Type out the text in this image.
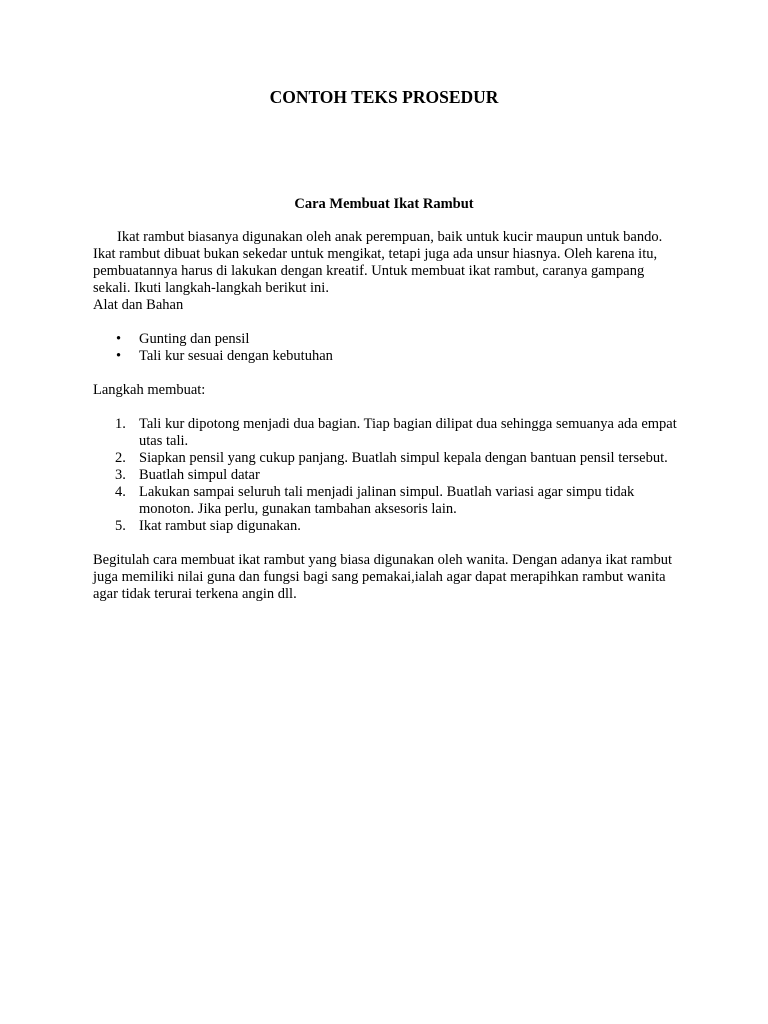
CONTOH TEKS PROSEDUR
Cara Membuat Ikat Rambut

Ikat rambut biasanya digunakan oleh anak perempuan, baik untuk kucir maupun untuk bando. Ikat rambut dibuat bukan sekedar untuk mengikat, tetapi juga ada unsur hiasnya. Oleh karena itu, pembuatannya harus di lakukan dengan kreatif. Untuk membuat ikat rambut, caranya gampang sekali. Ikuti langkah-langkah berikut ini.

Alat dan Bahan

• Gunting dan pensil
• Tali kur sesuai dengan kebutuhan

Langkah membuat:

1. Tali kur dipotong menjadi dua bagian. Tiap bagian dilipat dua sehingga semuanya ada empat utas tali.
2. Siapkan pensil yang cukup panjang. Buatlah simpul kepala dengan bantuan pensil tersebut.
3. Buatlah simpul datar
4. Lakukan sampai seluruh tali menjadi jalinan simpul. Buatlah variasi agar simpu tidak monoton. Jika perlu, gunakan tambahan aksesoris lain.
5. Ikat rambut siap digunakan.

Begitulah cara membuat ikat rambut yang biasa digunakan oleh wanita. Dengan adanya ikat rambut juga memiliki nilai guna dan fungsi bagi sang pemakai,ialah agar dapat merapihkan rambut wanita agar tidak terurai terkena angin dll.
